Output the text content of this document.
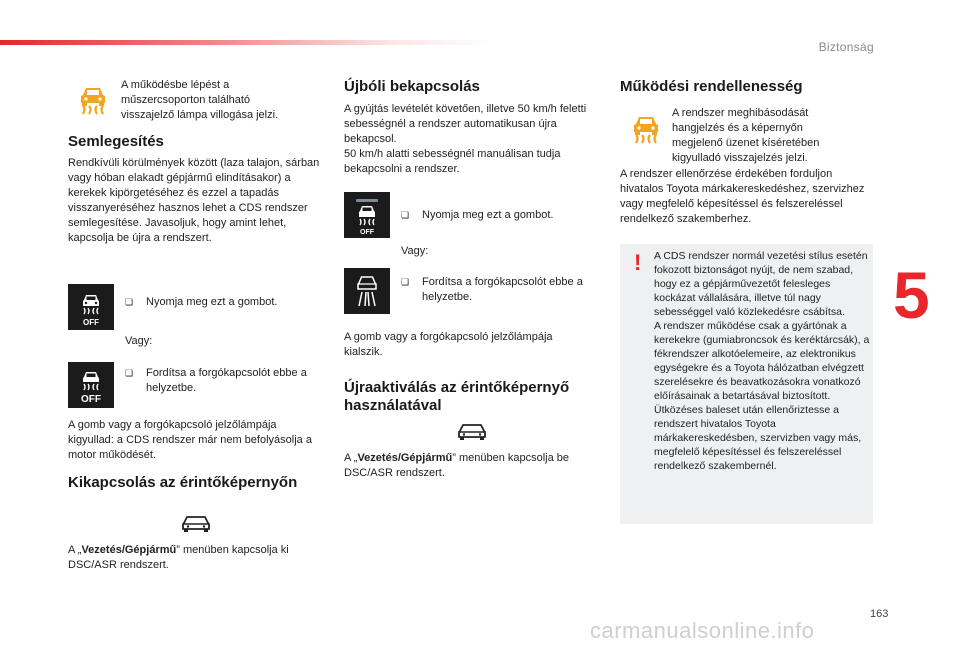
Biztonság
5
163
carmanualsonline.info
A működésbe lépést a műszercsoporton található visszajelző lámpa villogása jelzi.
Semlegesítés
Rendkívüli körülmények között (laza talajon, sárban vagy hóban elakadt gépjármű elindításakor) a kerekek kipörgetéséhez és ezzel a tapadás visszanyeréséhez hasznos lehet a CDS rendszer semlegesítése. Javasoljuk, hogy amint lehet, kapcsolja be újra a rendszert.
OFF
❏	Nyomja meg ezt a gombot.
Vagy:
OFF
❏	Fordítsa a forgókapcsolót ebbe a helyzetbe.
A gomb vagy a forgókapcsoló jelzőlámpája kigyullad: a CDS rendszer már nem befolyásolja a motor működését.
Kikapcsolás az érintőképernyőn
A „Vezetés/Gépjármű” menüben kapcsolja ki DSC/ASR rendszert.
Újbóli bekapcsolás
A gyújtás levételét követően, illetve 50 km/h feletti sebességnél a rendszer automatikusan újra bekapcsol.
50 km/h alatti sebességnél manuálisan tudja bekapcsolni a rendszer.
OFF
❏	Nyomja meg ezt a gombot.
Vagy:
❏	Fordítsa a forgókapcsolót ebbe a helyzetbe.
A gomb vagy a forgókapcsoló jelzőlámpája kialszik.
Újraaktiválás az érintőképernyő használatával
A „Vezetés/Gépjármű” menüben kapcsolja be DSC/ASR rendszert.
Működési rendellenesség
A rendszer meghibásodását hangjelzés és a képernyőn megjelenő üzenet kíséretében kigyulladó visszajelzés jelzi.
A rendszer ellenőrzése érdekében forduljon hivatalos Toyota márkakereskedéshez, szervizhez vagy megfelelő képesítéssel és felszereléssel rendelkező szakemberhez.
! A CDS rendszer normál vezetési stílus esetén fokozott biztonságot nyújt, de nem szabad, hogy ez a gépjárművezetőt felesleges kockázat vállalására, illetve túl nagy sebességgel való közlekedésre csábítsa.
A rendszer működése csak a gyártónak a kerekekre (gumiabroncsok és keréktárcsák), a fékrendszer alkotóelemeire, az elektronikus egységekre és a Toyota hálózatban elvégzett szerelésekre és beavatkozásokra vonatkozó előírásainak a betartásával biztosított.
Ütközéses baleset után ellenőriztesse a rendszert hivatalos Toyota márkakereskedésben, szervizben vagy más, megfelelő képesítéssel és felszereléssel rendelkező szakembernél.
